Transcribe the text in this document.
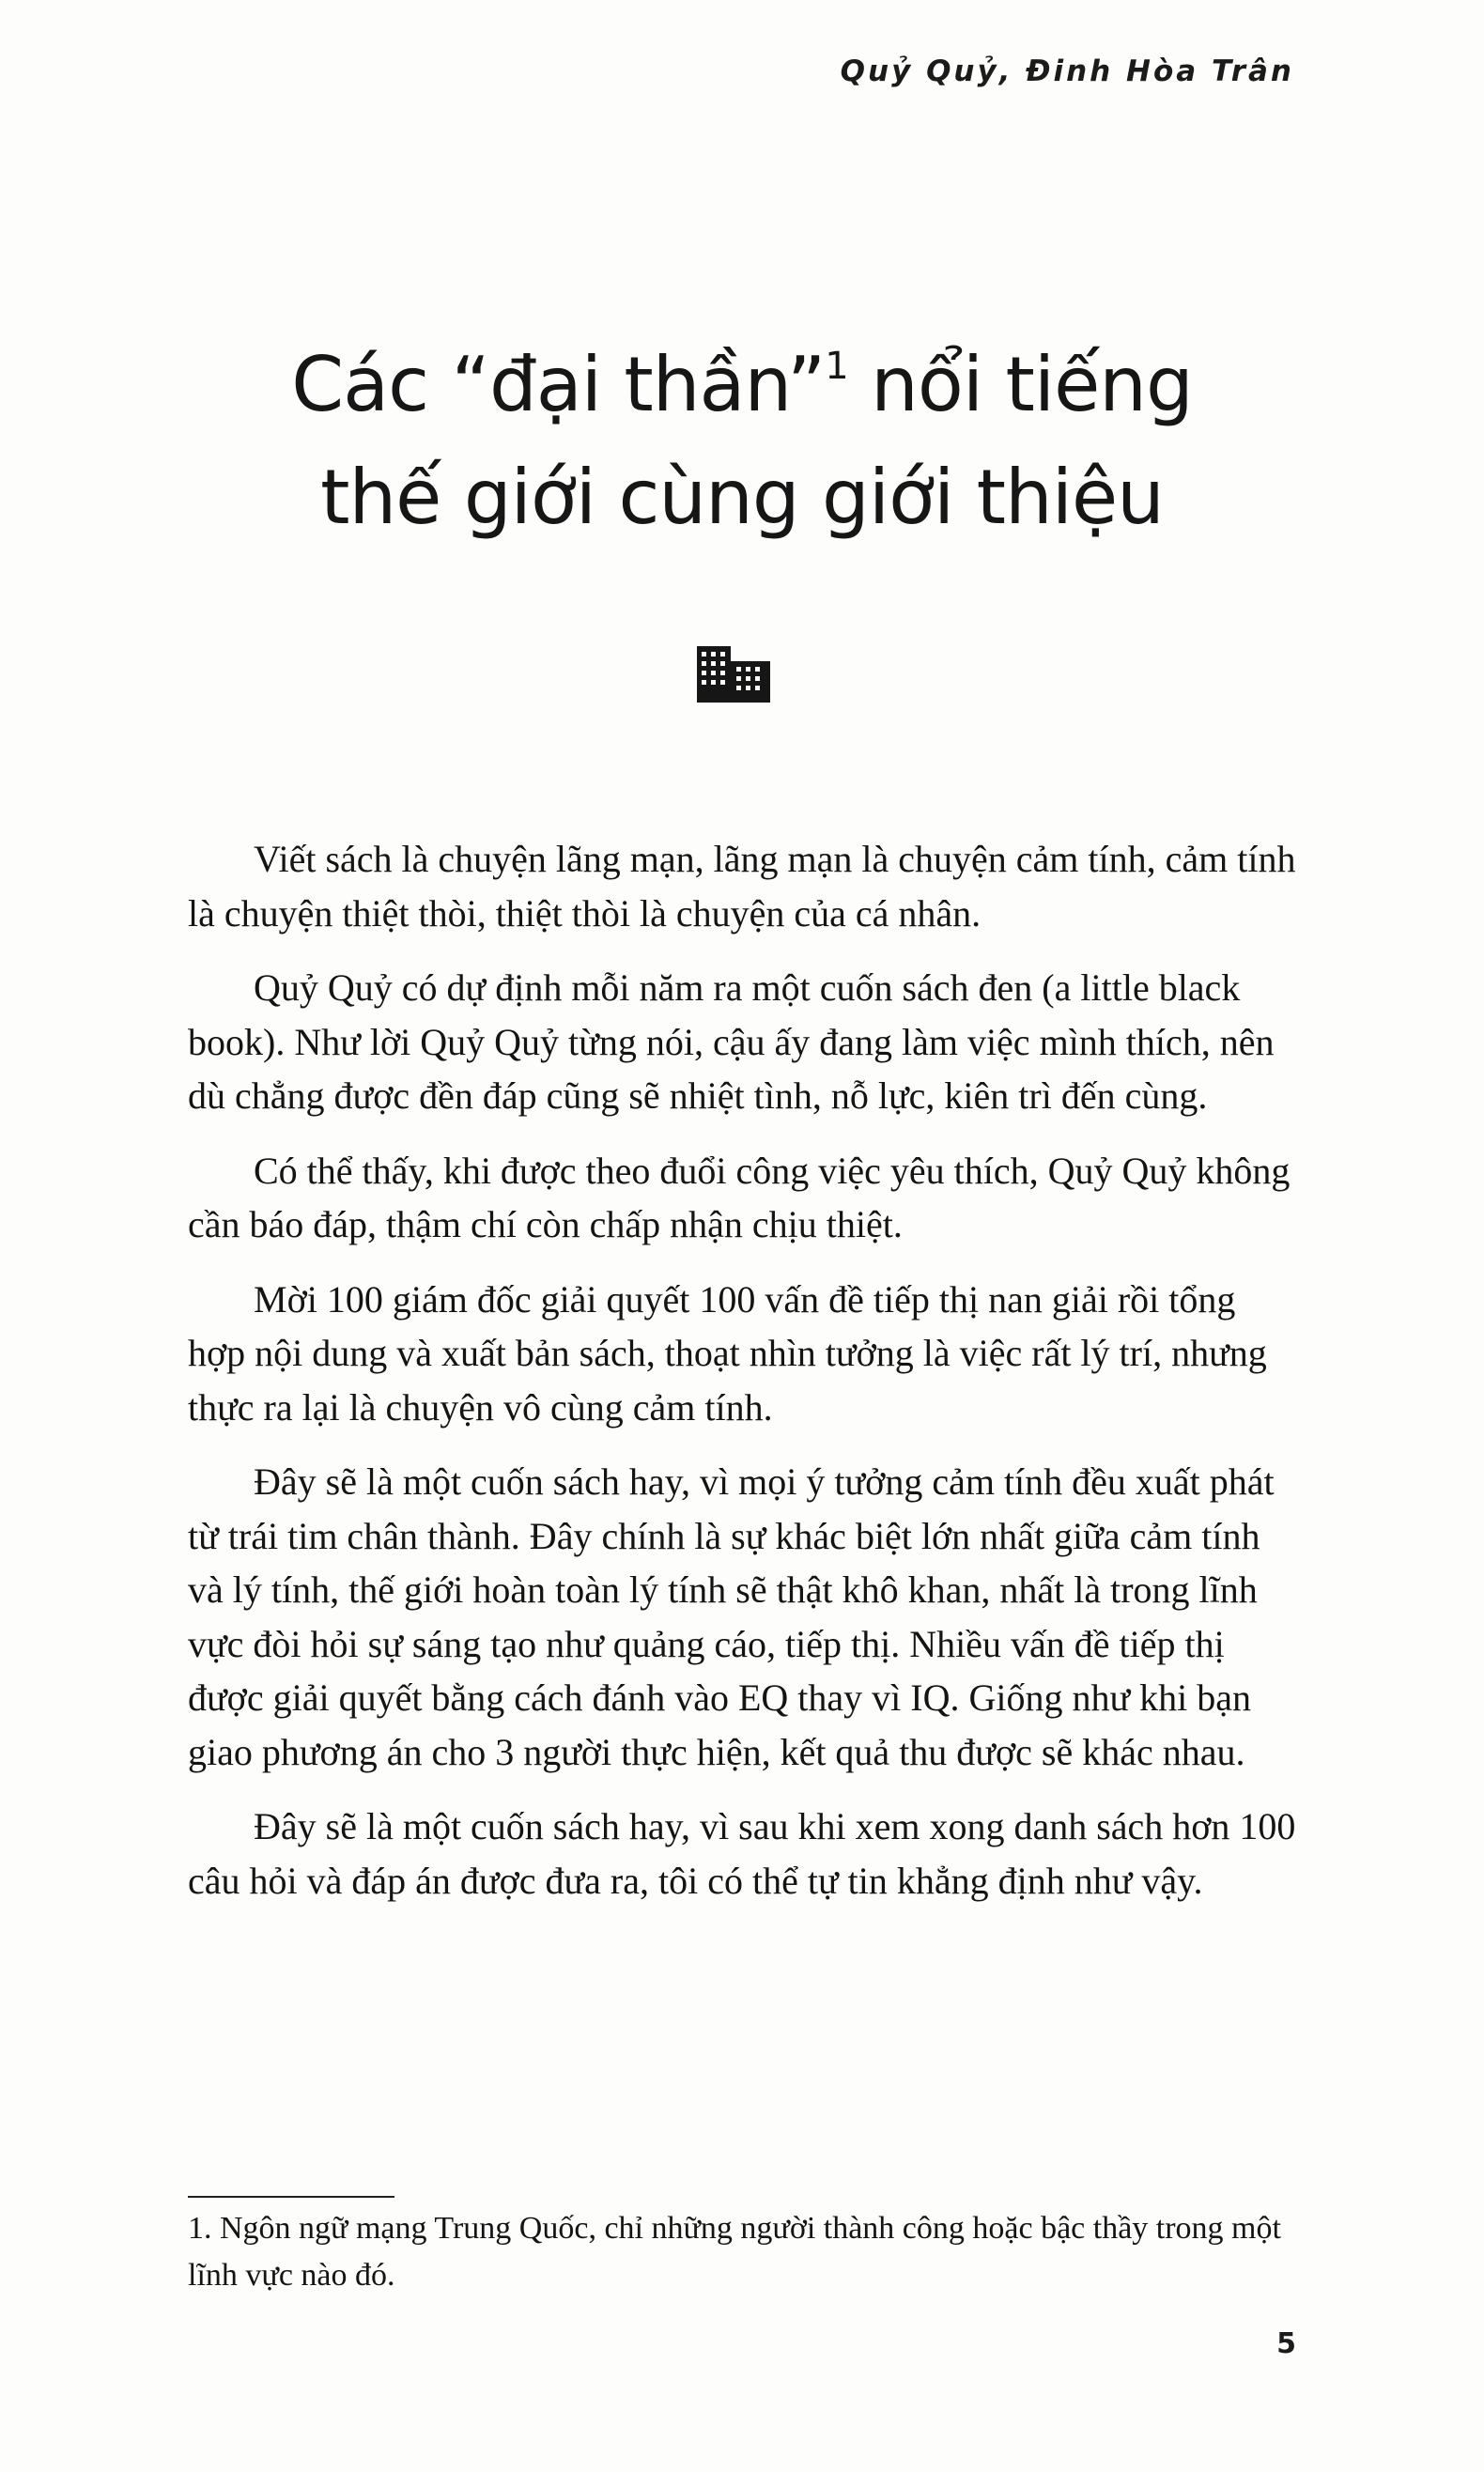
Quỷ Quỷ, Đinh Hòa Trân
Các “đại thần”$^1$ nổi tiếng
thế giới cùng giới thiệu

Viết sách là chuyện lãng mạn, lãng mạn là chuyện cảm tính, cảm tính là chuyện thiệt thòi, thiệt thòi là chuyện của cá nhân.

Quỷ Quỷ có dự định mỗi năm ra một cuốn sách đen (a little black book). Như lời Quỷ Quỷ từng nói, cậu ấy đang làm việc mình thích, nên dù chẳng được đền đáp cũng sẽ nhiệt tình, nỗ lực, kiên trì đến cùng.

Có thể thấy, khi được theo đuổi công việc yêu thích, Quỷ Quỷ không cần báo đáp, thậm chí còn chấp nhận chịu thiệt.

Mời 100 giám đốc giải quyết 100 vấn đề tiếp thị nan giải rồi tổng hợp nội dung và xuất bản sách, thoạt nhìn tưởng là việc rất lý trí, nhưng thực ra lại là chuyện vô cùng cảm tính.

Đây sẽ là một cuốn sách hay, vì mọi ý tưởng cảm tính đều xuất phát từ trái tim chân thành. Đây chính là sự khác biệt lớn nhất giữa cảm tính và lý tính, thế giới hoàn toàn lý tính sẽ thật khô khan, nhất là trong lĩnh vực đòi hỏi sự sáng tạo như quảng cáo, tiếp thị. Nhiều vấn đề tiếp thị được giải quyết bằng cách đánh vào EQ thay vì IQ. Giống như khi bạn giao phương án cho 3 người thực hiện, kết quả thu được sẽ khác nhau.

Đây sẽ là một cuốn sách hay, vì sau khi xem xong danh sách hơn 100 câu hỏi và đáp án được đưa ra, tôi có thể tự tin khẳng định như vậy.

1. Ngôn ngữ mạng Trung Quốc, chỉ những người thành công hoặc bậc thầy trong một lĩnh vực nào đó.
5
